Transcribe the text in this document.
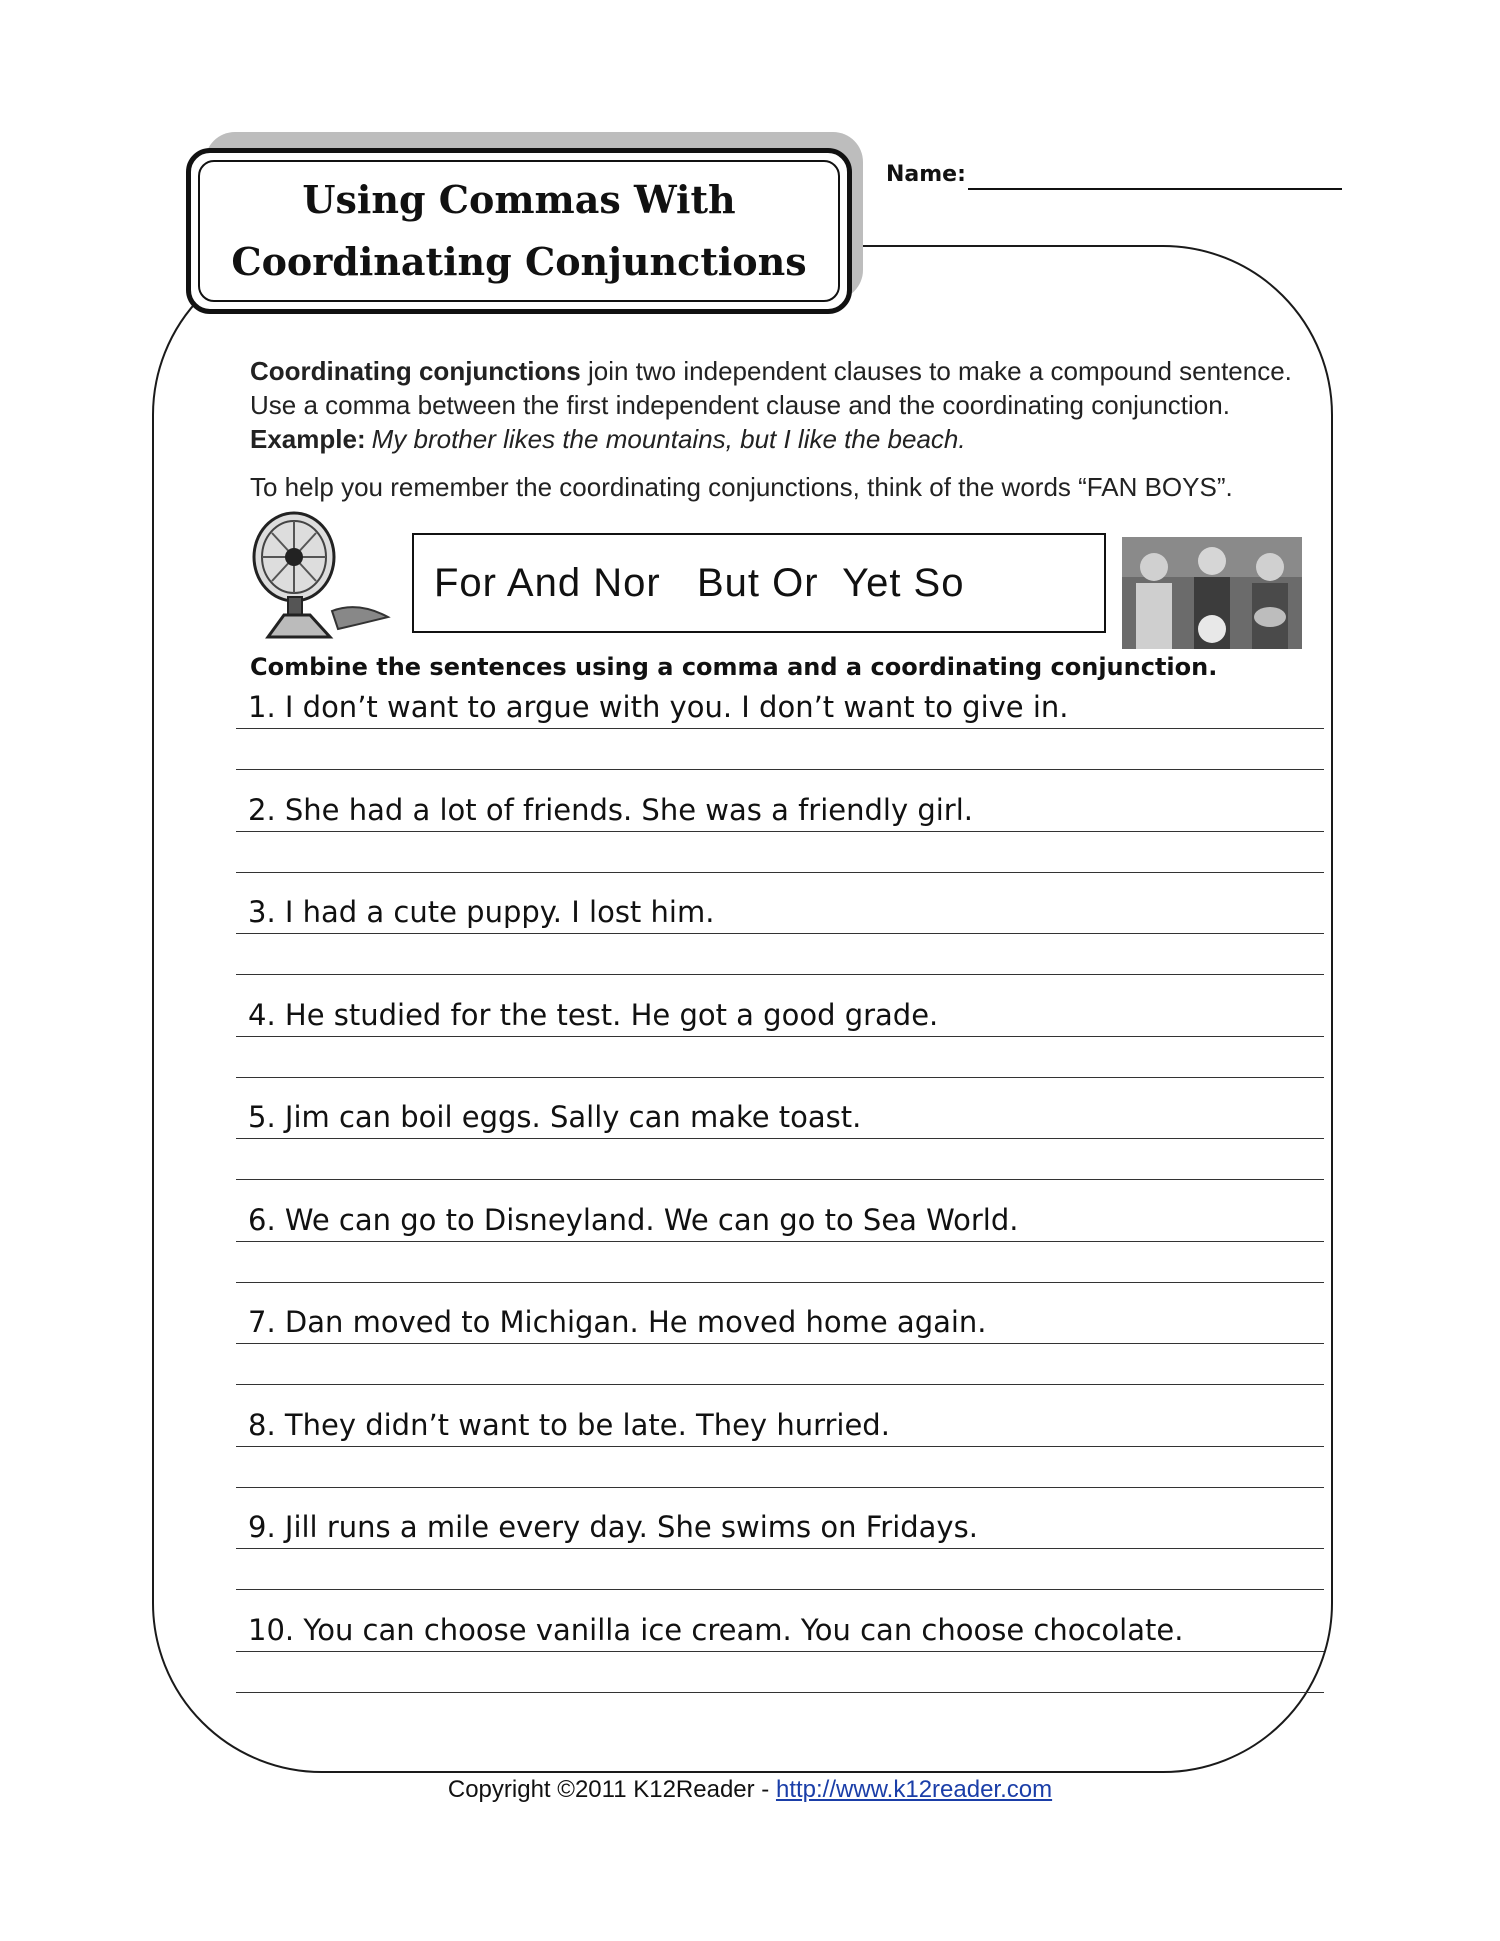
Using Commas With
Coordinating Conjunctions
Name:
Coordinating conjunctions join two independent clauses to make a compound sentence. Use a comma between the first independent clause and the coordinating conjunction. Example: My brother likes the mountains, but I like the beach.
To help you remember the coordinating conjunctions, think of the words “FAN BOYS”.
For And Nor   But Or  Yet So
Combine the sentences using a comma and a coordinating conjunction.
1. I don’t want to argue with you. I don’t want to give in.
2. She had a lot of friends. She was a friendly girl.
3. I had a cute puppy. I lost him.
4. He studied for the test. He got a good grade.
5. Jim can boil eggs. Sally can make toast.
6. We can go to Disneyland. We can go to Sea World.
7. Dan moved to Michigan. He moved home again.
8. They didn’t want to be late. They hurried.
9. Jill runs a mile every day. She swims on Fridays.
10. You can choose vanilla ice cream. You can choose chocolate.
Copyright ©2011 K12Reader - http://www.k12reader.com
